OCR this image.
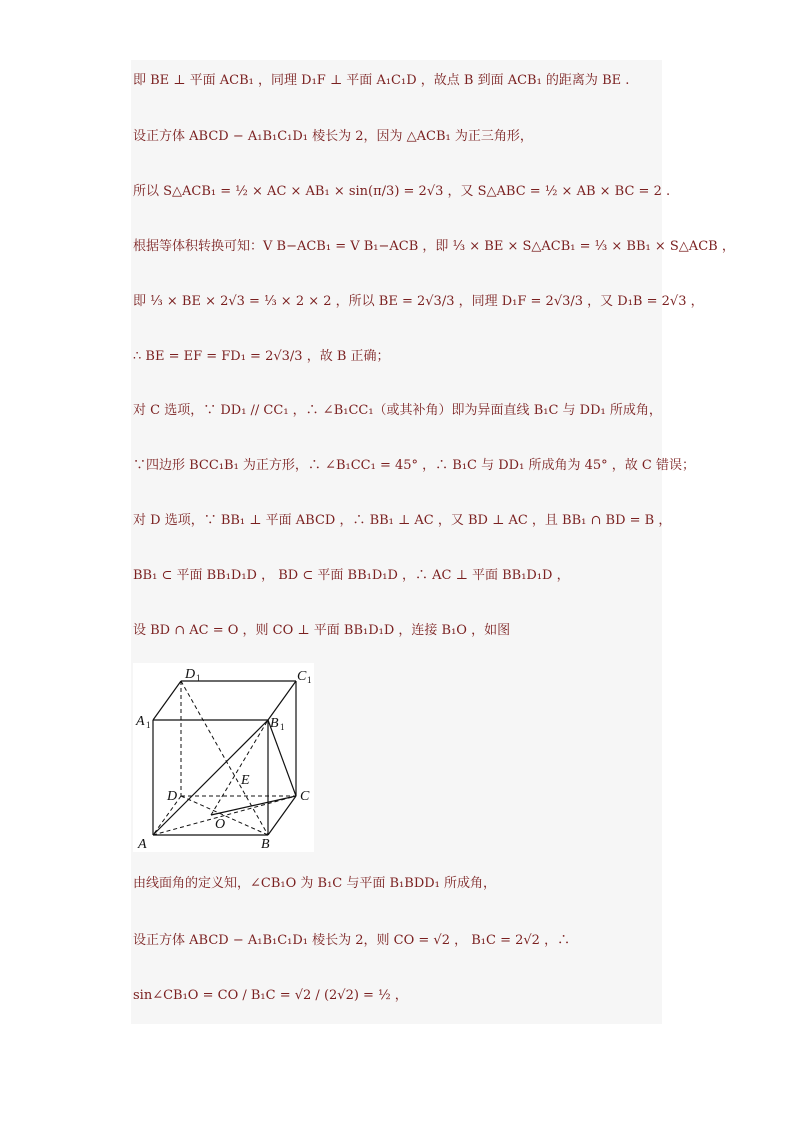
即 BE ⊥ 平面 ACB₁ ，同理 D₁F ⊥ 平面 A₁C₁D ，故点 B 到面 ACB₁ 的距离为 BE .
设正方体 ABCD − A₁B₁C₁D₁ 棱长为 2，因为 △ACB₁ 为正三角形，
所以 S△ACB₁ = ½ × AC × AB₁ × sin(π/3) = 2√3 ，又 S△ABC = ½ × AB × BC = 2 .
根据等体积转换可知：V B−ACB₁ = V B₁−ACB ，即 ⅓ × BE × S△ACB₁ = ⅓ × BB₁ × S△ACB ，
即 ⅓ × BE × 2√3 = ⅓ × 2 × 2 ，所以 BE = 2√3/3 ，同理 D₁F = 2√3/3 ，又 D₁B = 2√3 ，
∴ BE = EF = FD₁ = 2√3/3 ，故 B 正确；
对 C 选项，∵ DD₁ // CC₁ ，∴ ∠B₁CC₁（或其补角）即为异面直线 B₁C 与 DD₁ 所成角，
∵四边形 BCC₁B₁ 为正方形，∴ ∠B₁CC₁ = 45° ，∴ B₁C 与 DD₁ 所成角为 45° ，故 C 错误；
对 D 选项，∵ BB₁ ⊥ 平面 ABCD ，∴ BB₁ ⊥ AC ，又 BD ⊥ AC ，且 BB₁ ∩ BD = B ，
BB₁ ⊂ 平面 BB₁D₁D ， BD ⊂ 平面 BB₁D₁D ，∴ AC ⊥ 平面 BB₁D₁D ，
设 BD ∩ AC = O ，则 CO ⊥ 平面 BB₁D₁D ，连接 B₁O ，如图
A	B
C
D
A 1	B 1
C 1
D 1
E
O
由线面角的定义知，∠CB₁O 为 B₁C 与平面 B₁BDD₁ 所成角，
设正方体 ABCD − A₁B₁C₁D₁ 棱长为 2，则 CO = √2 ， B₁C = 2√2 ，∴
sin∠CB₁O = CO / B₁C = √2 / (2√2) = ½ ，
